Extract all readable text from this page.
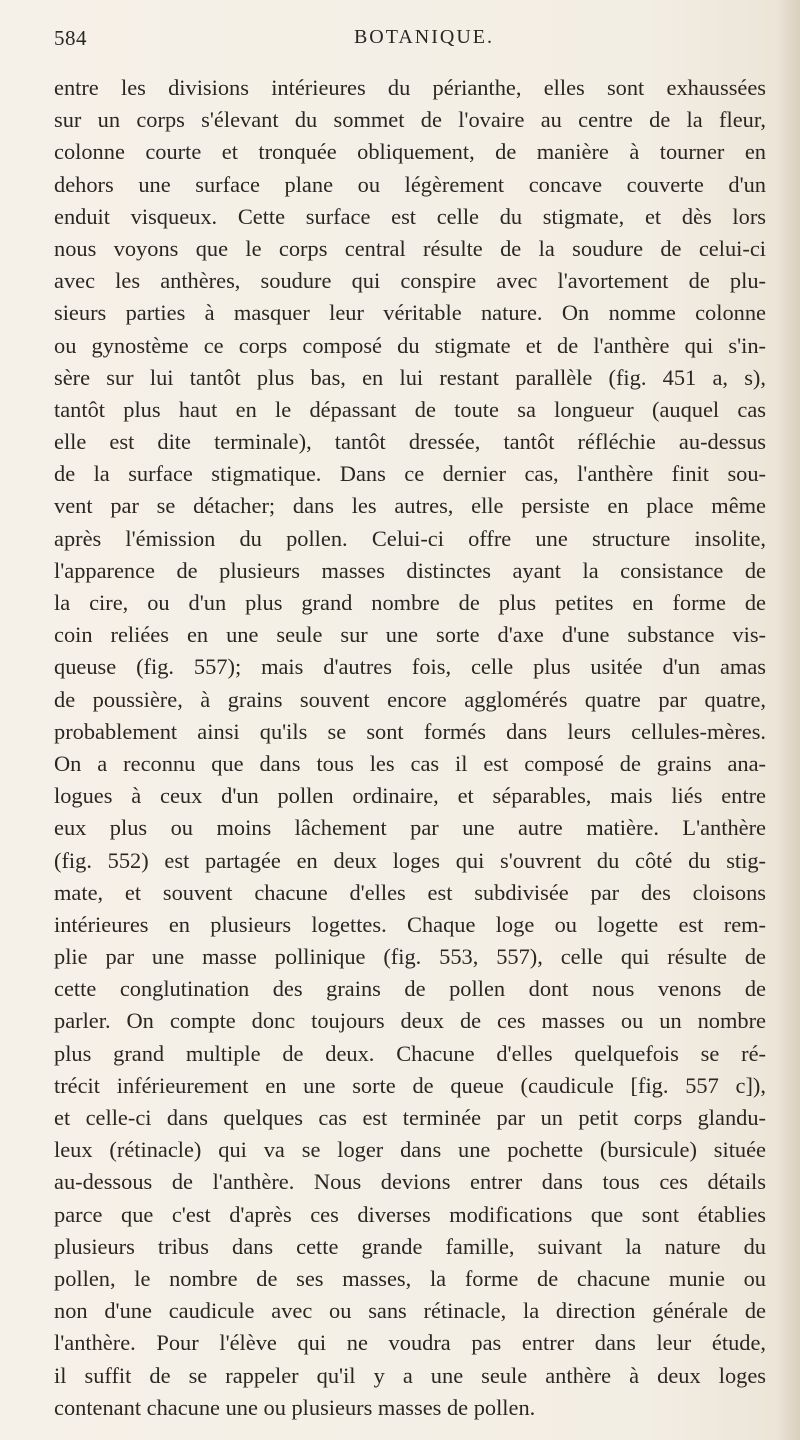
584	BOTANIQUE.
entre les divisions intérieures du périanthe, elles sont exhaussées
sur un corps s'élevant du sommet de l'ovaire au centre de la fleur,
colonne courte et tronquée obliquement, de manière à tourner en
dehors une surface plane ou légèrement concave couverte d'un
enduit visqueux. Cette surface est celle du stigmate, et dès lors
nous voyons que le corps central résulte de la soudure de celui-ci
avec les anthères, soudure qui conspire avec l'avortement de plu-
sieurs parties à masquer leur véritable nature. On nomme colonne
ou gynostème ce corps composé du stigmate et de l'anthère qui s'in-
sère sur lui tantôt plus bas, en lui restant parallèle (fig. 451 a, s),
tantôt plus haut en le dépassant de toute sa longueur (auquel cas
elle est dite terminale), tantôt dressée, tantôt réfléchie au-dessus
de la surface stigmatique. Dans ce dernier cas, l'anthère finit sou-
vent par se détacher; dans les autres, elle persiste en place même
après l'émission du pollen. Celui-ci offre une structure insolite,
l'apparence de plusieurs masses distinctes ayant la consistance de
la cire, ou d'un plus grand nombre de plus petites en forme de
coin reliées en une seule sur une sorte d'axe d'une substance vis-
queuse (fig. 557); mais d'autres fois, celle plus usitée d'un amas
de poussière, à grains souvent encore agglomérés quatre par quatre,
probablement ainsi qu'ils se sont formés dans leurs cellules-mères.
On a reconnu que dans tous les cas il est composé de grains ana-
logues à ceux d'un pollen ordinaire, et séparables, mais liés entre
eux plus ou moins lâchement par une autre matière. L'anthère
(fig. 552) est partagée en deux loges qui s'ouvrent du côté du stig-
mate, et souvent chacune d'elles est subdivisée par des cloisons
intérieures en plusieurs logettes. Chaque loge ou logette est rem-
plie par une masse pollinique (fig. 553, 557), celle qui résulte de
cette conglutination des grains de pollen dont nous venons de
parler. On compte donc toujours deux de ces masses ou un nombre
plus grand multiple de deux. Chacune d'elles quelquefois se ré-
trécit inférieurement en une sorte de queue (caudicule [fig. 557 c]),
et celle-ci dans quelques cas est terminée par un petit corps glandu-
leux (rétinacle) qui va se loger dans une pochette (bursicule) située
au-dessous de l'anthère. Nous devions entrer dans tous ces détails
parce que c'est d'après ces diverses modifications que sont établies
plusieurs tribus dans cette grande famille, suivant la nature du
pollen, le nombre de ses masses, la forme de chacune munie ou
non d'une caudicule avec ou sans rétinacle, la direction générale de
l'anthère. Pour l'élève qui ne voudra pas entrer dans leur étude,
il suffit de se rappeler qu'il y a une seule anthère à deux loges
contenant chacune une ou plusieurs masses de pollen.
